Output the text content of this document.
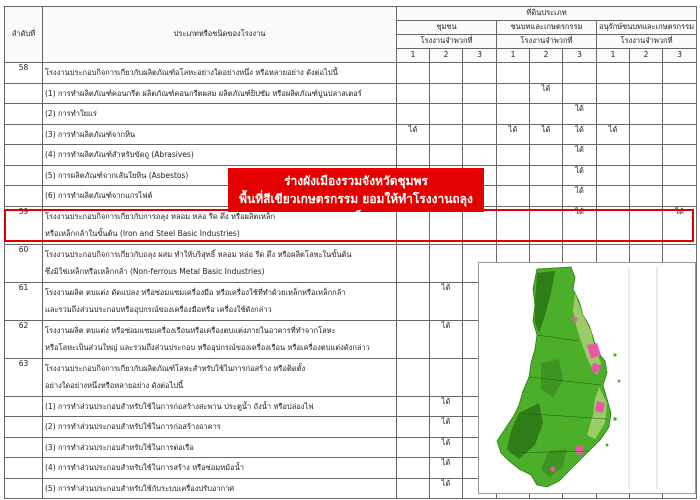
ลำดับที่	ประเภทหรือชนิดของโรงงาน	ที่ดินประเภท								
		ชุมชน			ชนบทและเกษตรกรรม			อนุรักษ์ชนบทและเกษตรกรรม		
		โรงงานจำพวกที่			โรงงานจำพวกที่			โรงงานจำพวกที่		
		1	2	3	1	2	3	1	2	3
58	โรงงานประกอบกิจการเกี่ยวกับผลิตภัณฑ์อโลหะอย่างใดอย่างหนึ่ง หรือหลายอย่าง ดังต่อไปนี้									

	(1) การทำผลิตภัณฑ์คอนกรีต ผลิตภัณฑ์คอนกรีตผสม ผลิตภัณฑ์ยิปซัม หรือผลิตภัณฑ์ปูนปลาสเตอร์					ได้				

	(2) การทำใยแร่						ได้			

	(3) การทำผลิตภัณฑ์จากหิน	ได้			ได้	ได้	ได้	ได้		

	(4) การทำผลิตภัณฑ์สำหรับขัดถู (Abrasives)						ได้			

	(5) การผลิตภัณฑ์จากเส้นใยหิน (Asbestos)						ได้			

	(6) การทำผลิตภัณฑ์จากแกรไฟต์						ได้			
59	โรงงานประกอบกิจการเกี่ยวกับการถลุง หลอม หล่อ รีด ดึง หรือผลิตเหล็ก
หรือเหล็กกล้าในขั้นต้น (Iron and Steel Basic Industries)						ได้			ได้
60	โรงงานประกอบกิจการเกี่ยวกับถลุง ผสม ทำให้บริสุทธิ์ หลอม หล่อ รีด ดึง หรือผลิตโลหะในขั้นต้น
ซึ่งมิใช่เหล็กหรือเหล็กกล้า (Non-ferrous Metal Basic Industries)									

61	โรงงานผลิต ตบแต่ง ดัดแปลง หรือซ่อมแซมเครื่องมือ หรือเครื่องใช้ที่ทำด้วยเหล็กหรือเหล็กกล้า
และรวมถึงส่วนประกอบหรืออุปกรณ์ของเครื่องมือหรือ เครื่องใช้ดังกล่าว		ได้							
62	โรงงานผลิต ตบแต่ง หรือซ่อมแซมเครื่องเรือนหรือเครื่องตบแต่งภายในอาคารที่ทำจากโลหะ
หรือโลหะเป็นส่วนใหญ่ และรวมถึงส่วนประกอบ หรืออุปกรณ์ของเครื่องเรือน หรือเครื่องตบแต่งดังกล่าว		ได้							
63	โรงงานประกอบกิจการเกี่ยวกับผลิตภัณฑ์โลหะสำหรับใช้ในการก่อสร้าง หรือติดตั้ง
อย่างใดอย่างหนึ่งหรือหลายอย่าง ดังต่อไปนี้									

	(1) การทำส่วนประกอบสำหรับใช้ในการก่อสร้างสะพาน ประตูน้ำ ถังน้ำ หรือปล่องไฟ		ได้							

	(2) การทำส่วนประกอบสำหรับใช้ในการก่อสร้างอาคาร		ได้							

	(3) การทำส่วนประกอบสำหรับใช้ในการต่อเรือ		ได้							

	(4) การทำส่วนประกอบสำหรับใช้ในการสร้าง หรือซ่อมหม้อน้ำ		ได้							

	(5) การทำส่วนประกอบสำหรับใช้กับระบบเครื่องปรับอากาศ		ได้							
ร่างผังเมืองรวมจังหวัดชุมพร
พื้นที่สีเขียวเกษตรกรรม ยอมให้ทำโรงงานถลุงเหล็ก
